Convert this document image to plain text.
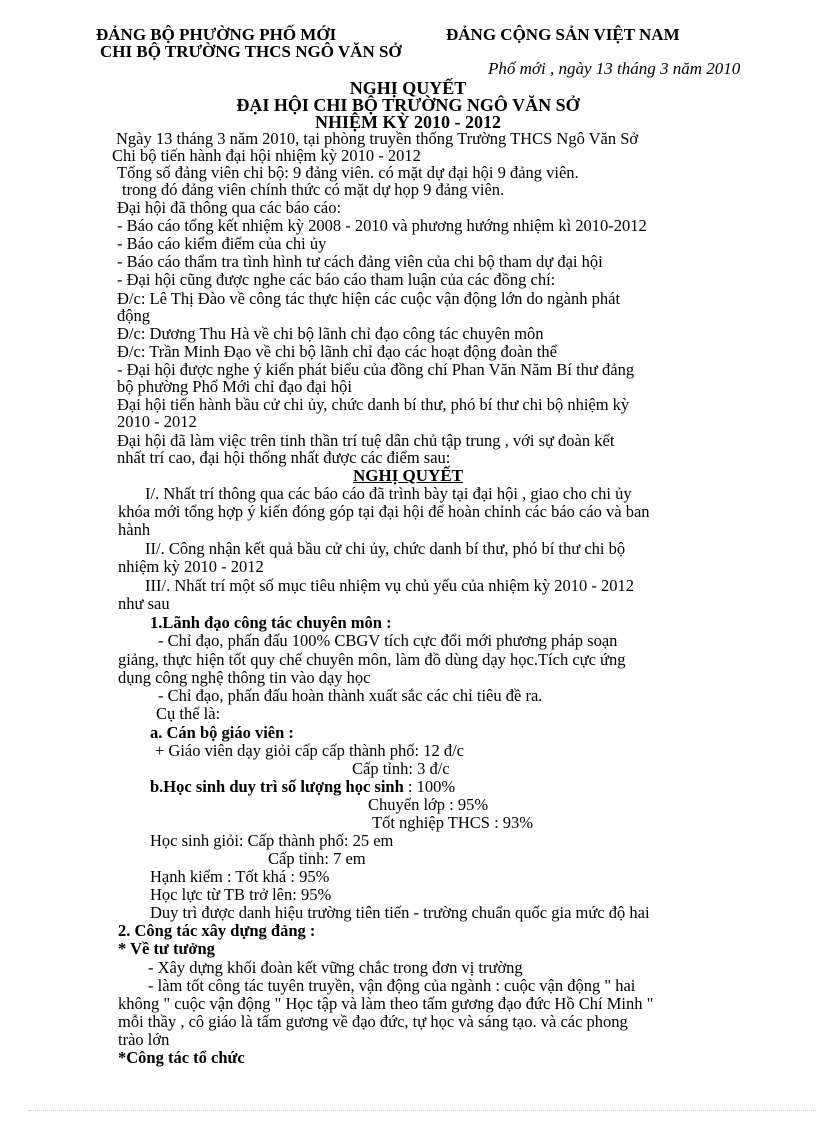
ĐẢNG BỘ PHƯỜNG PHỐ MỚI	ĐẢNG CỘNG SẢN VIỆT NAM
CHI BỘ TRƯỜNG THCS NGÔ VĂN SỞ
Phố mới , ngày 13 tháng 3 năm 2010
NGHỊ QUYẾT
ĐẠI HỘI CHI BỘ TRƯỜNG NGÔ VĂN SỞ
NHIỆM KỲ 2010 - 2012
Ngày 13 tháng 3 năm 2010, tại phòng truyền thống Trường THCS Ngô Văn Sở
Chi bộ tiến hành đại hội nhiệm kỳ 2010 - 2012
Tổng số đảng viên chi bộ: 9 đảng viên. có mặt dự đại hội 9 đảng viên.
trong đó đảng viên chính thức có mặt dự họp 9 đảng viên.
Đại hội đã thông qua các báo cáo:
- Báo cáo tổng kết nhiệm kỳ 2008 - 2010 và phương hướng nhiệm kì 2010-2012
- Báo cáo kiểm điểm của chi ủy
- Báo cáo thẩm tra tình hình tư cách đảng viên của chi bộ tham dự đại hội
- Đại hội cũng được nghe các báo cáo tham luận của các đồng chí:
Đ/c: Lê Thị Đào về công tác thực hiện các cuộc vận động lớn do ngành phát
động
Đ/c: Dương Thu Hà về chi bộ lãnh chỉ đạo công tác chuyên môn
Đ/c: Trần Minh Đạo về chi bộ lãnh chỉ đạo các hoạt động đoàn thể
- Đại hội được nghe ý kiến phát biểu của đồng chí Phan Văn Năm Bí thư đảng
bộ phường Phố Mới chỉ đạo đại hội
Đại hội tiến hành bầu cử chi ủy, chức danh bí thư, phó bí thư chi bộ nhiệm kỳ
2010 - 2012
Đại hội đã làm việc trên tinh thần trí tuệ dân chủ tập trung , với sự đoàn kết
nhất trí cao, đại hội thống nhất được các điểm sau:
NGHỊ QUYẾT
I/. Nhất trí thông qua các báo cáo đã trình bày tại đại hội , giao cho chi ủy
khóa mới tổng hợp ý kiến đóng góp tại đại hội để hoàn chỉnh các báo cáo và ban
hành
II/. Công nhận kết quả bầu cử chi ủy, chức danh bí thư, phó bí thư chi bộ
nhiệm kỳ 2010 - 2012
III/. Nhất trí một số mục tiêu nhiệm vụ chủ yếu của nhiệm kỳ 2010 - 2012
như sau
1.Lãnh đạo công tác chuyên môn :
- Chỉ đạo, phấn đấu 100% CBGV tích cực đổi mới phương pháp soạn
giảng, thực hiện tốt quy chế chuyên môn, làm đồ dùng dạy học.Tích cực ứng
dụng công nghệ thông tin vào dạy học
- Chỉ đạo, phấn đấu hoàn thành xuất sắc các chỉ tiêu đề ra.
Cụ thể là:
a. Cán bộ giáo viên :
+ Giáo viên dạy giỏi cấp cấp thành phố: 12 đ/c
Cấp tỉnh: 3 đ/c
b.Học sinh duy trì số lượng học sinh : 100%
Chuyển lớp : 95%
Tốt nghiệp THCS : 93%
Học sinh giỏi: Cấp thành phố: 25 em
Cấp tỉnh: 7 em
Hạnh kiểm : Tốt khá : 95%
Học lực từ TB trở lên: 95%
Duy trì được danh hiệu trường tiên tiến - trường chuẩn quốc gia mức độ hai
2. Công tác xây dựng đảng :
* Về tư tưởng
- Xây dựng khối đoàn kết vững chắc trong đơn vị trường
- làm tốt công tác tuyên truyền, vận động của ngành : cuộc vận động " hai
không " cuộc vận động " Học tập và làm theo tấm gương đạo đức Hồ Chí Minh "
mỗi thầy , cô giáo là tấm gương về đạo đức, tự học và sáng tạo. và các phong
trào lớn
*Công tác tổ chức
